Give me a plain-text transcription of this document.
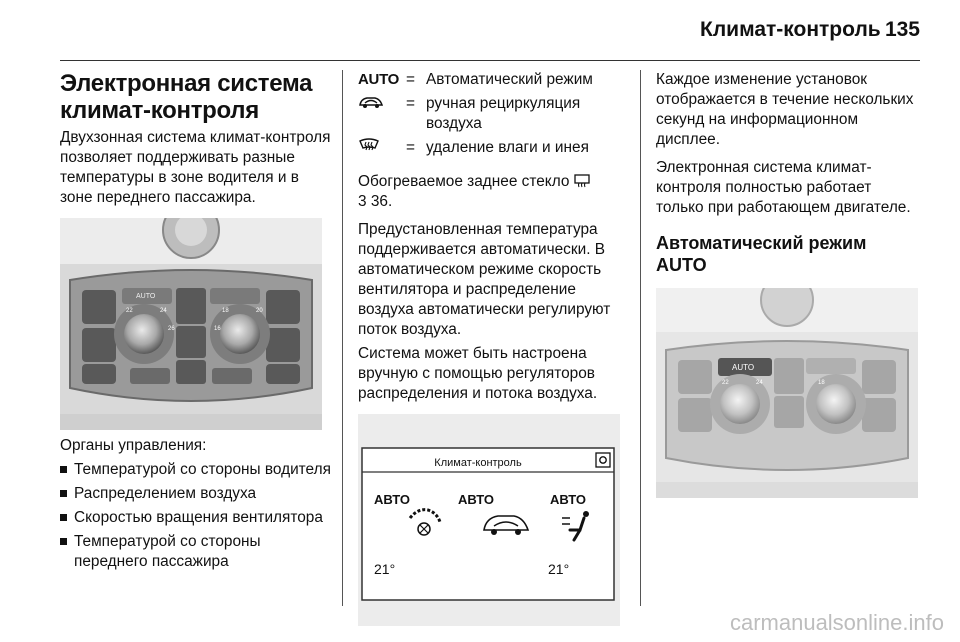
Климат-контроль 135
Электронная система климат-контроля
Двухзонная система климат-контроля позволяет поддерживать разные температуры в зоне водителя и в зоне переднего пассажира.
AUTO
22	24
26
18
16
20
Органы управления:
Температурой со стороны водителя
Распределением воздуха
Скоростью вращения вентилятора
Температурой со стороны переднего пассажира
AUTO	=	Автоматический режим
	=	ручная рециркуляция воздуха
	=	удаление влаги и инея
Обогреваемое заднее стекло
3 36.
Предустановленная температура поддерживается автоматически. В автоматическом режиме скорость вентилятора и распределение воздуха автоматически регулируют поток воздуха.
Система может быть настроена вручную с помощью регуляторов распределения и потока воздуха.
Климат-контроль
АВТО	АВТО	АВТО
21°	21°
Каждое изменение установок отображается в течение нескольких секунд на информационном дисплее.
Электронная система климат-контроля полностью работает только при работающем двигателе.
Автоматический режим AUTO
AUTO
24
22	18
carmanualsonline.info
